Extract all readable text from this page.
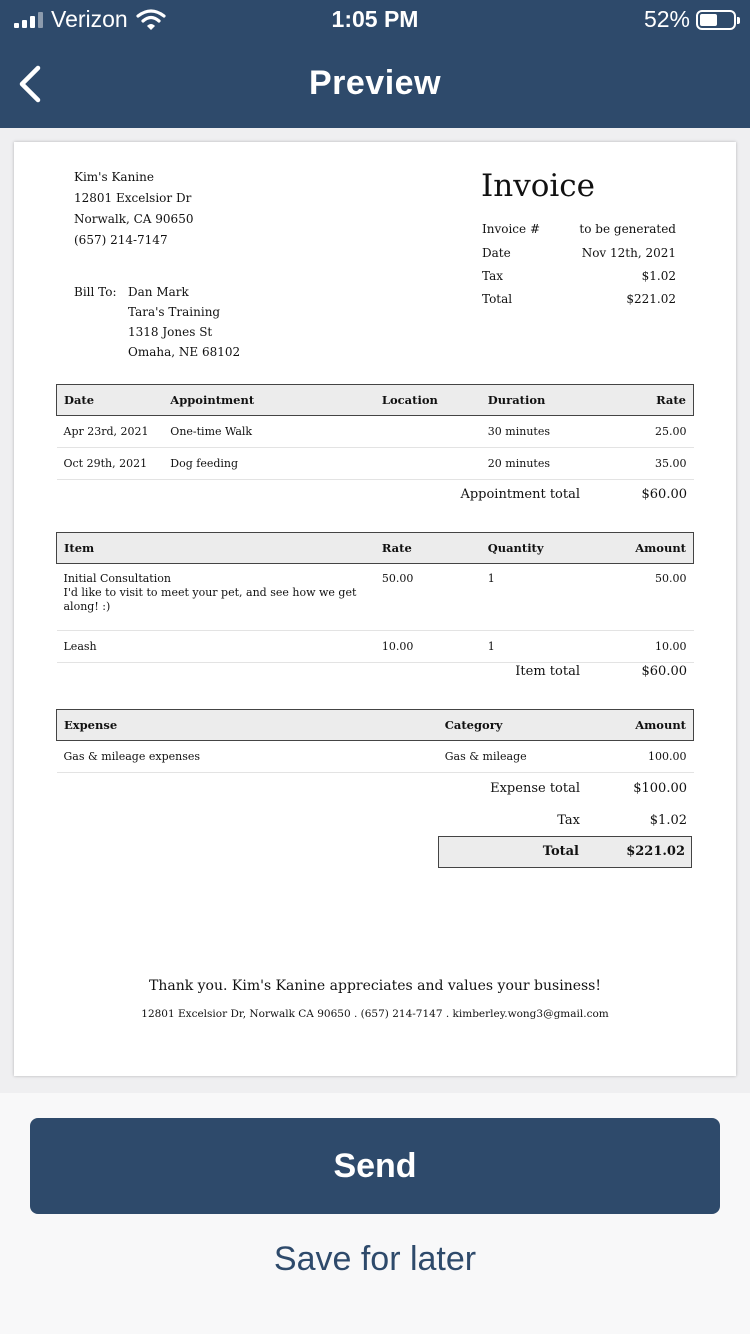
Verizon	1:05 PM	52%
Preview
Kim's Kanine
12801 Excelsior Dr
Norwalk, CA 90650
(657) 214-7147
Invoice
Invoice #	to be generated
Date	Nov 12th, 2021
Tax	$1.02
Total	$221.02
Bill To: Dan Mark
Tara's Training
1318 Jones St
Omaha, NE 68102
Date	Appointment	Location	Duration	Rate
Apr 23rd, 2021	One-time Walk		30 minutes	25.00
Oct 29th, 2021	Dog feeding		20 minutes	35.00
Appointment total	$60.00
Item	Rate	Quantity	Amount

Initial Consultation
I'd like to visit to meet your pet, and see how we get along! :)	50.00	1	50.00
Leash	10.00	1	10.00
Item total	$60.00
Expense	Category	Amount
Gas & mileage expenses	Gas & mileage	100.00
Expense total	$100.00
Tax	$1.02
Total	$221.02
Thank you. Kim's Kanine appreciates and values your business!
12801 Excelsior Dr, Norwalk CA 90650 . (657) 214-7147 . kimberley.wong3@gmail.com
Send
Save for later
